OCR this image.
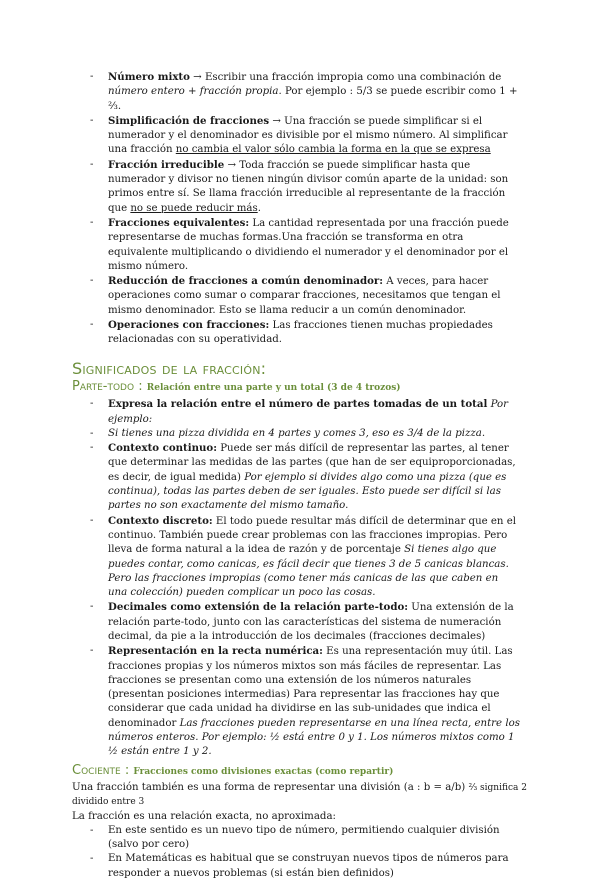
- Número mixto → Escribir una fracción impropia como una combinación de número entero + fracción propia. Por ejemplo : 5/3 se puede escribir como 1 + ⅔.
- Simplificación de fracciones → Una fracción se puede simplificar si el numerador y el denominador es divisible por el mismo número. Al simplificar una fracción no cambia el valor sólo cambia la forma en la que se expresa
- Fracción irreducible → Toda fracción se puede simplificar hasta que numerador y divisor no tienen ningún divisor común aparte de la unidad: son primos entre sí. Se llama fracción irreducible al representante de la fracción que no se puede reducir más.
- Fracciones equivalentes: La cantidad representada por una fracción puede representarse de muchas formas.Una fracción se transforma en otra equivalente multiplicando o dividiendo el numerador y el denominador por el mismo número.
- Reducción de fracciones a común denominador: A veces, para hacer operaciones como sumar o comparar fracciones, necesitamos que tengan el mismo denominador. Esto se llama reducir a un común denominador.
- Operaciones con fracciones: Las fracciones tienen muchas propiedades relacionadas con su operatividad.
Significados de la fracción:
Parte-todo : Relación entre una parte y un total (3 de 4 trozos)
- Expresa la relación entre el número de partes tomadas de un total Por ejemplo:
- Si tienes una pizza dividida en 4 partes y comes 3, eso es 3/4 de la pizza.
- Contexto continuo: Puede ser más difícil de representar las partes, al tener que determinar las medidas de las partes (que han de ser equiproporcionadas, es decir, de igual medida) Por ejemplo si divides algo como una pizza (que es continua), todas las partes deben de ser iguales. Esto puede ser difícil si las partes no son exactamente del mismo tamaño.
- Contexto discreto: El todo puede resultar más difícil de determinar que en el continuo. También puede crear problemas con las fracciones impropias. Pero lleva de forma natural a la idea de razón y de porcentaje Si tienes algo que puedes contar, como canicas, es fácil decir que tienes 3 de 5 canicas blancas. Pero las fracciones impropias (como tener más canicas de las que caben en una colección) pueden complicar un poco las cosas.
- Decimales como extensión de la relación parte-todo: Una extensión de la relación parte-todo, junto con las características del sistema de numeración decimal, da pie a la introducción de los decimales (fracciones decimales)
- Representación en la recta numérica: Es una representación muy útil. Las fracciones propias y los números mixtos son más fáciles de representar. Las fracciones se presentan como una extensión de los números naturales (presentan posiciones intermedias) Para representar las fracciones hay que considerar que cada unidad ha dividirse en las sub-unidades que indica el denominador Las fracciones pueden representarse en una línea recta, entre los números enteros. Por ejemplo: ½ está entre 0 y 1. Los números mixtos como 1 ½ están entre 1 y 2.
Cociente : Fracciones como divisiones exactas (como repartir)
Una fracción también es una forma de representar una división (a : b = a/b) ⅔ significa 2 dividido entre 3
La fracción es una relación exacta, no aproximada:
- En este sentido es un nuevo tipo de número, permitiendo cualquier división (salvo por cero)
- En Matemáticas es habitual que se construyan nuevos tipos de números para responder a nuevos problemas (si están bien definidos)
